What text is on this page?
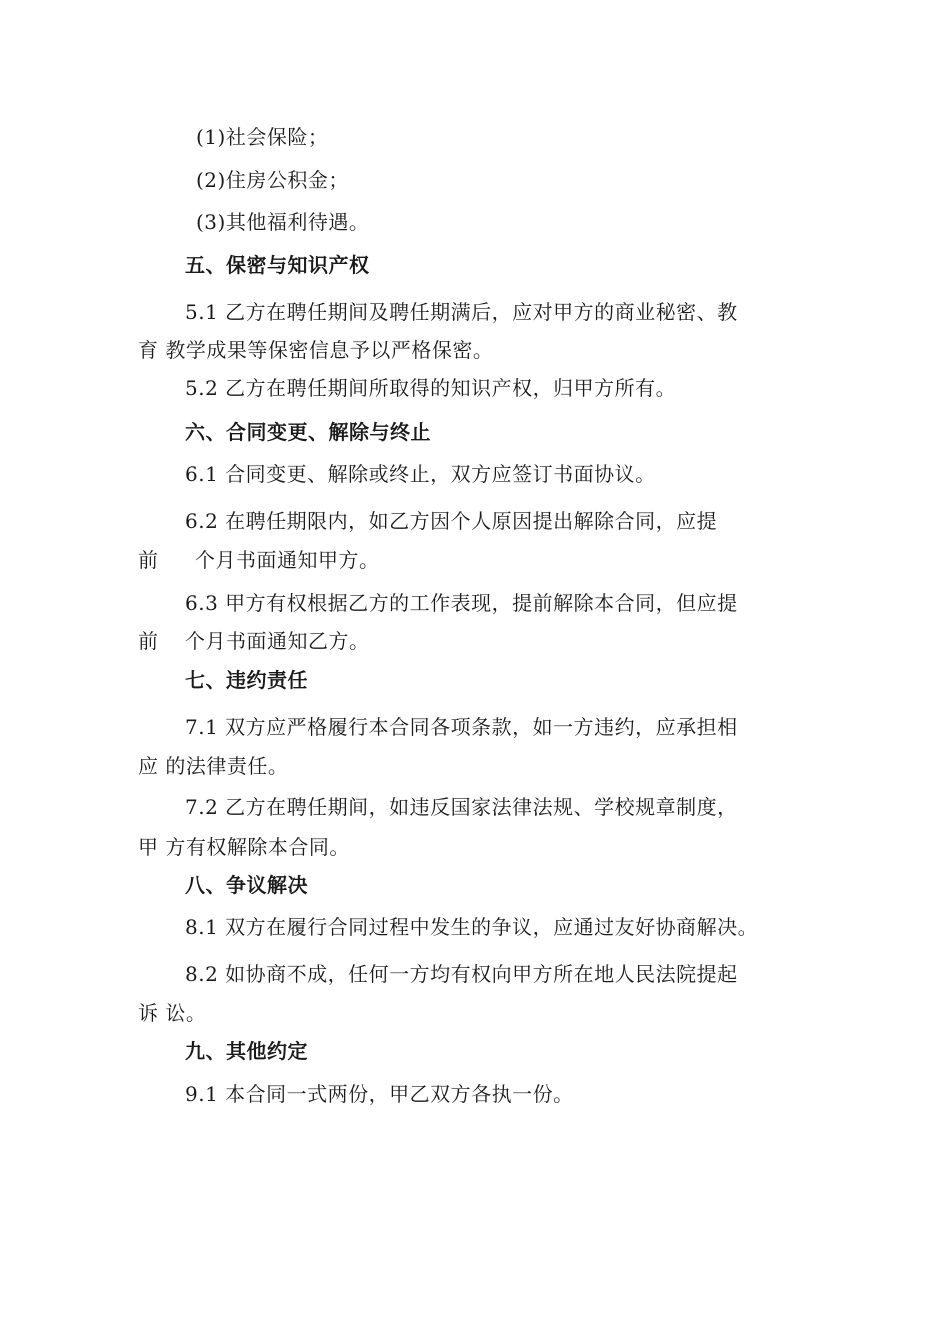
(1)社会保险；
(2)住房公积金；
(3)其他福利待遇。
五、保密与知识产权
5.1 乙方在聘任期间及聘任期满后，应对甲方的商业秘密、教
育 教学成果等保密信息予以严格保密。
5.2 乙方在聘任期间所取得的知识产权，归甲方所有。
六、合同变更、解除与终止
6.1 合同变更、解除或终止，双方应签订书面协议。
6.2 在聘任期限内，如乙方因个人原因提出解除合同，应提
前 个月书面通知甲方。
6.3 甲方有权根据乙方的工作表现，提前解除本合同，但应提
前 个月书面通知乙方。
七、违约责任
7.1 双方应严格履行本合同各项条款，如一方违约，应承担相
应 的法律责任。
7.2 乙方在聘任期间，如违反国家法律法规、学校规章制度，
甲 方有权解除本合同。
八、争议解决
8.1 双方在履行合同过程中发生的争议，应通过友好协商解决。
8.2 如协商不成，任何一方均有权向甲方所在地人民法院提起
诉 讼。
九、其他约定
9.1 本合同一式两份，甲乙双方各执一份。
